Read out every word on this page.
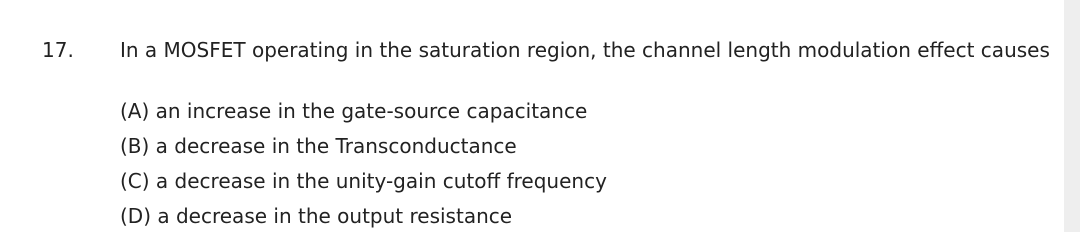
17. In a MOSFET operating in the saturation region, the channel length modulation effect causes
(A) an increase in the gate-source capacitance
(B) a decrease in the Transconductance
(C) a decrease in the unity-gain cutoff frequency
(D) a decrease in the output resistance
